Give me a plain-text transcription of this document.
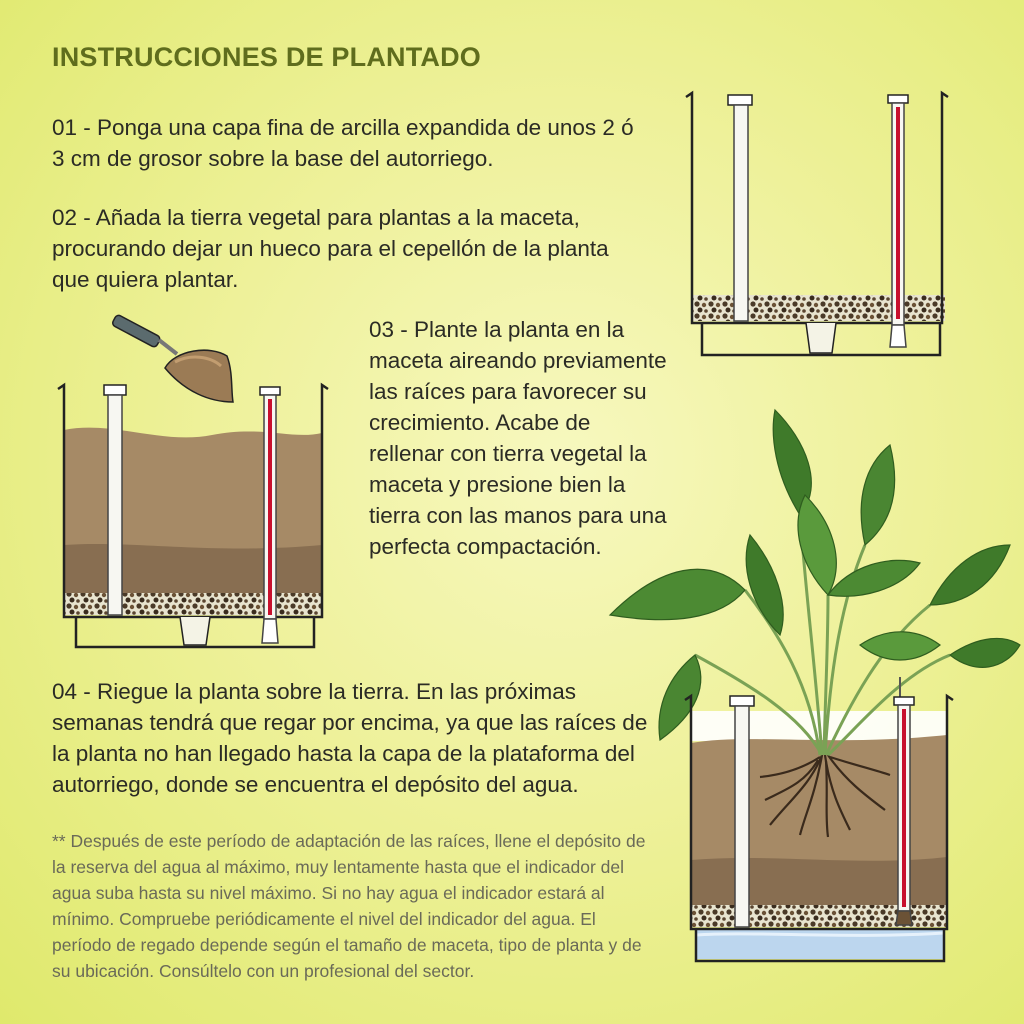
INSTRUCCIONES DE PLANTADO
01 - Ponga una capa fina de arcilla expandida de unos 2 ó 3 cm de grosor sobre la base del autorriego.
02 - Añada la tierra vegetal para plantas a la maceta, procurando dejar un hueco para el cepellón de la planta que quiera plantar.
03 - Plante la planta en la maceta aireando previamente las raíces para favorecer su crecimiento. Acabe de rellenar con tierra vegetal la maceta y presione bien la tierra con las manos para una perfecta compactación.
04 - Riegue la planta sobre la tierra. En las próximas semanas tendrá que regar por encima, ya que las raíces de la planta no han llegado hasta la capa de la plataforma del autorriego, donde se encuentra el depósito del agua.
** Después de este período de adaptación de las raíces, llene el depósito de la reserva del agua al máximo, muy lentamente hasta que el indicador del agua suba hasta su nivel máximo. Si no hay agua el indicador estará al mínimo. Compruebe periódicamente el nivel del indicador del agua. El período de regado depende según el tamaño de maceta, tipo de planta y de su ubicación. Consúltelo con un profesional del sector.
